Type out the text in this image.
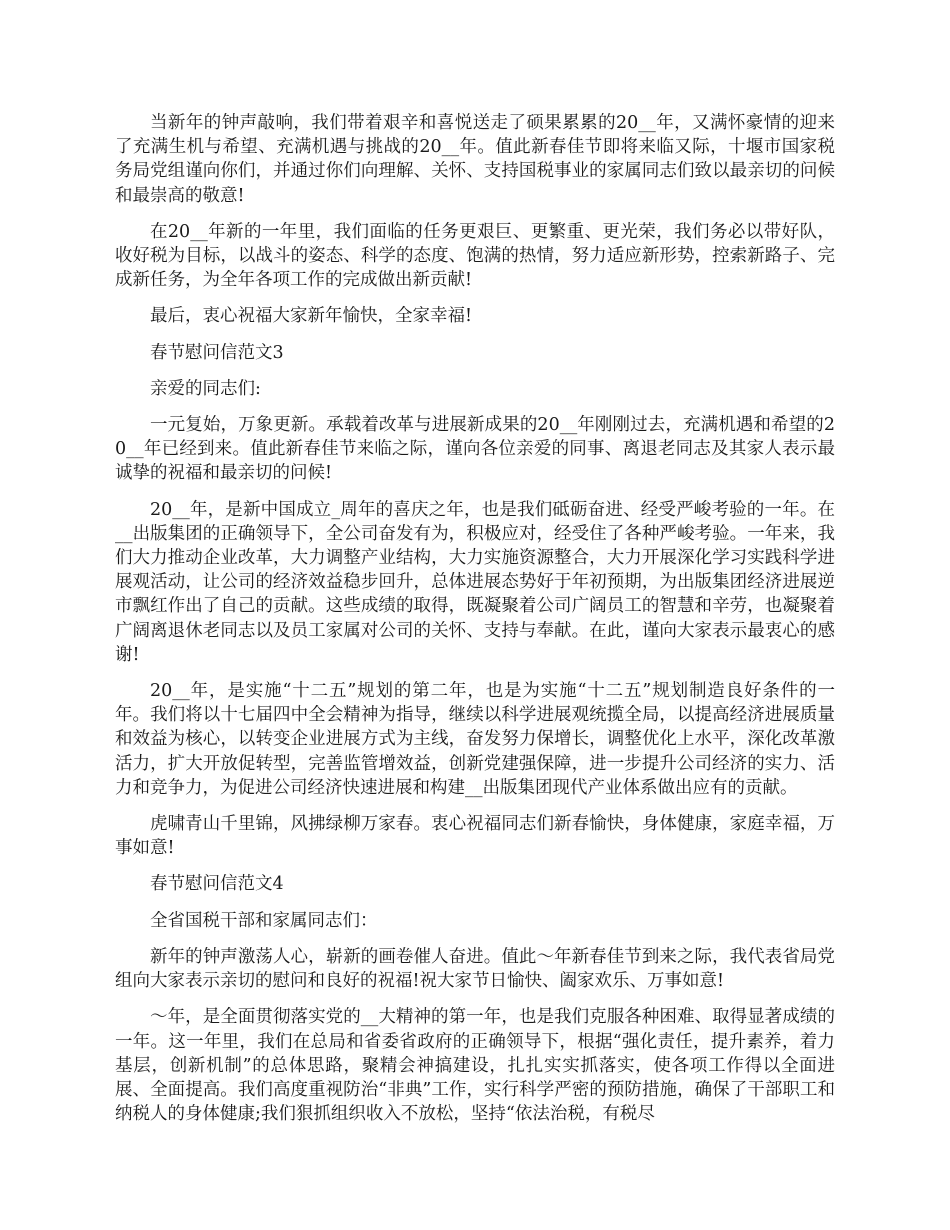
当新年的钟声敲响，我们带着艰辛和喜悦送走了硕果累累的20__年，又满怀豪情的迎来了充满生机与希望、充满机遇与挑战的20__年。值此新春佳节即将来临又际，十堰市国家税务局党组谨向你们，并通过你们向理解、关怀、支持国税事业的家属同志们致以最亲切的问候和最崇高的敬意!

在20__年新的一年里，我们面临的任务更艰巨、更繁重、更光荣，我们务必以带好队，收好税为目标，以战斗的姿态、科学的态度、饱满的热情，努力适应新形势，控索新路子、完成新任务，为全年各项工作的完成做出新贡献!

最后，衷心祝福大家新年愉快，全家幸福!

春节慰问信范文3

亲爱的同志们:

一元复始，万象更新。承载着改革与进展新成果的20__年刚刚过去，充满机遇和希望的20__年已经到来。值此新春佳节来临之际，谨向各位亲爱的同事、离退老同志及其家人表示最诚挚的祝福和最亲切的问候!

20__年，是新中国成立_周年的喜庆之年，也是我们砥砺奋进、经受严峻考验的一年。在__出版集团的正确领导下，全公司奋发有为，积极应对，经受住了各种严峻考验。一年来，我们大力推动企业改革，大力调整产业结构，大力实施资源整合，大力开展深化学习实践科学进展观活动，让公司的经济效益稳步回升，总体进展态势好于年初预期，为出版集团经济进展逆市飘红作出了自己的贡献。这些成绩的取得，既凝聚着公司广阔员工的智慧和辛劳，也凝聚着广阔离退休老同志以及员工家属对公司的关怀、支持与奉献。在此，谨向大家表示最衷心的感谢!

20__年，是实施“十二五”规划的第二年，也是为实施“十二五”规划制造良好条件的一年。我们将以十七届四中全会精神为指导，继续以科学进展观统揽全局，以提高经济进展质量和效益为核心，以转变企业进展方式为主线，奋发努力保增长，调整优化上水平，深化改革激活力，扩大开放促转型，完善监管增效益，创新党建强保障，进一步提升公司经济的实力、活力和竞争力，为促进公司经济快速进展和构建__出版集团现代产业体系做出应有的贡献。

虎啸青山千里锦，风拂绿柳万家春。衷心祝福同志们新春愉快，身体健康，家庭幸福，万事如意!

春节慰问信范文4

全省国税干部和家属同志们：

新年的钟声激荡人心，崭新的画卷催人奋进。值此～年新春佳节到来之际，我代表省局党组向大家表示亲切的慰问和良好的祝福!祝大家节日愉快、阖家欢乐、万事如意!

～年，是全面贯彻落实党的__大精神的第一年，也是我们克服各种困难、取得显著成绩的一年。这一年里，我们在总局和省委省政府的正确领导下，根据“强化责任，提升素养，着力基层，创新机制”的总体思路，聚精会神搞建设，扎扎实实抓落实，使各项工作得以全面进展、全面提高。我们高度重视防治“非典”工作，实行科学严密的预防措施，确保了干部职工和纳税人的身体健康;我们狠抓组织收入不放松，坚持“依法治税，有税尽
